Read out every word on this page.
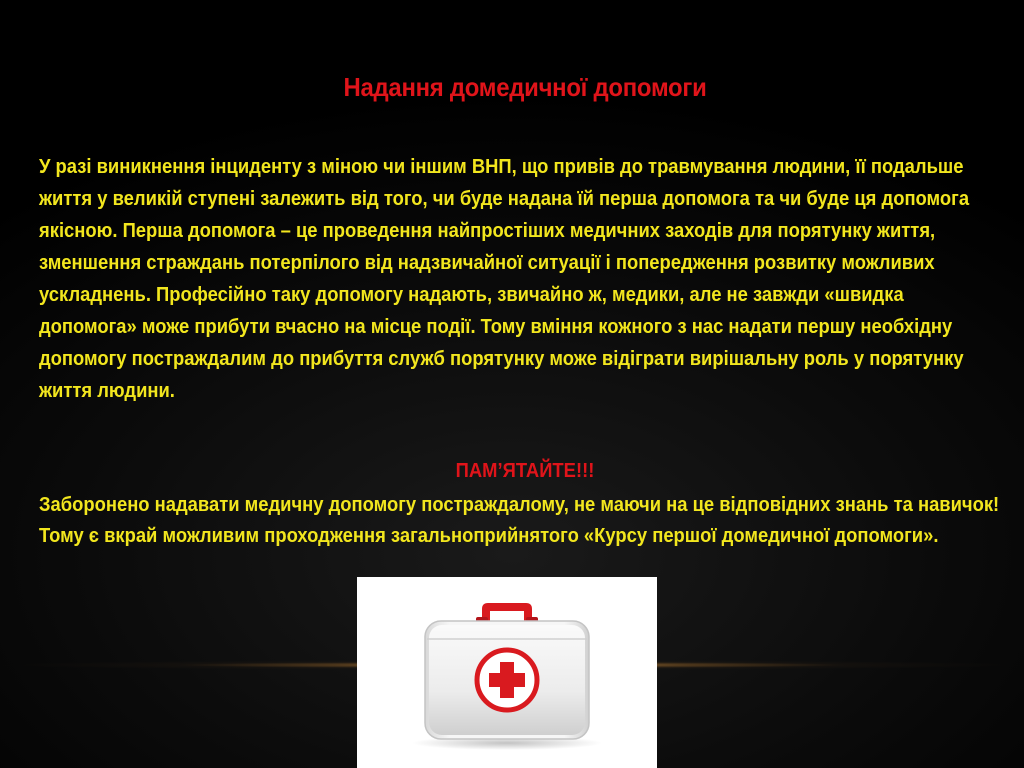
Надання домедичної допомоги

У разі виникнення інциденту з міною чи іншим ВНП, що привів до травмування людини, її подальше життя у великій ступені залежить від того, чи буде надана їй перша допомога та чи буде ця допомога якісною. Перша допомога – це проведення найпростіших медичних заходів для порятунку життя, зменшення страждань потерпілого від надзвичайної ситуації і попередження розвитку можливих ускладнень. Професійно таку допомогу надають, звичайно ж, медики, але не завжди «швидка допомога» може прибути вчасно на місце події. Тому вміння кожного з нас надати першу необхідну допомогу постраждалим до прибуття служб порятунку може відіграти вирішальну роль у порятунку життя людини.

ПАМ’ЯТАЙТЕ!!!

Заборонено надавати медичну допомогу постраждалому, не маючи на це відповідних знань та навичок!Тому є вкрай можливим проходження загальноприйнятого «Курсу першої домедичної допомоги».
